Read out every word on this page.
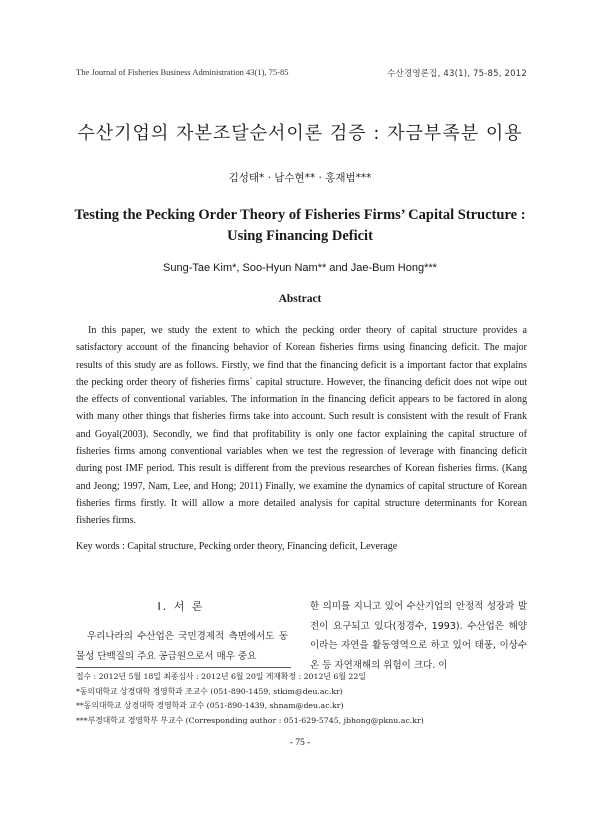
The Journal of Fisheries Business Administration 43(1), 75-85	수산경영론집, 43(1), 75-85, 2012
수산기업의 자본조달순서이론 검증 : 자금부족분 이용
김성태* · 남수현** · 홍재범***
Testing the Pecking Order Theory of Fisheries Firms’ Capital Structure :
Using Financing Deficit
Sung-Tae Kim*, Soo-Hyun Nam** and Jae-Bum Hong***
Abstract

In this paper, we study the extent to which the pecking order theory of capital structure provides a satisfactory account of the financing behavior of Korean fisheries firms using financing deficit. The major results of this study are as follows. Firstly, we find that the financing deficit is a important factor that explains the pecking order theory of fisheries firms` capital structure. However, the financing deficit does not wipe out the effects of conventional variables. The information in the financing deficit appears to be factored in along with many other things that fisheries firms take into account. Such result is consistent with the result of Frank and Goyal(2003). Secondly, we find that profitability is only one factor explaining the capital structure of fisheries firms among conventional variables when we test the regression of leverage with financing deficit during post IMF period. This result is different from the previous researches of Korean fisheries firms. (Kang and Jeong; 1997, Nam, Lee, and Hong; 2011) Finally, we examine the dynamics of capital structure of Korean fisheries firms firstly. It will allow a more detailed analysis for capital structure determinants for Korean fisheries firms.

Key words : Capital structure, Pecking order theory, Financing deficit, Leverage
Ⅰ. 서 론

우리나라의 수산업은 국민경제적 측면에서도 동물성 단백질의 주요 공급원으로서 매우 중요

한 의미를 지니고 있어 수산기업의 안정적 성장과 발전이 요구되고 있다(정경수, 1993). 수산업은 해양이라는 자연을 활동영역으로 하고 있어 태풍, 이상수온 등 자연재해의 위험이 크다. 이

접수 : 2012년 5월 18일 최종심사 : 2012년 6월 20일 게재확정 : 2012년 6월 22일
*동의대학교 상경대학 경영학과 조교수 (051-890-1459, stkim@deu.ac.kr)
**동의대학교 상경대학 경영학과 교수 (051-890-1439, shnam@deu.ac.kr)
***부경대학교 경영학부 부교수 (Corresponding author : 051-629-5745, jbhong@pknu.ac.kr)
- 75 -
